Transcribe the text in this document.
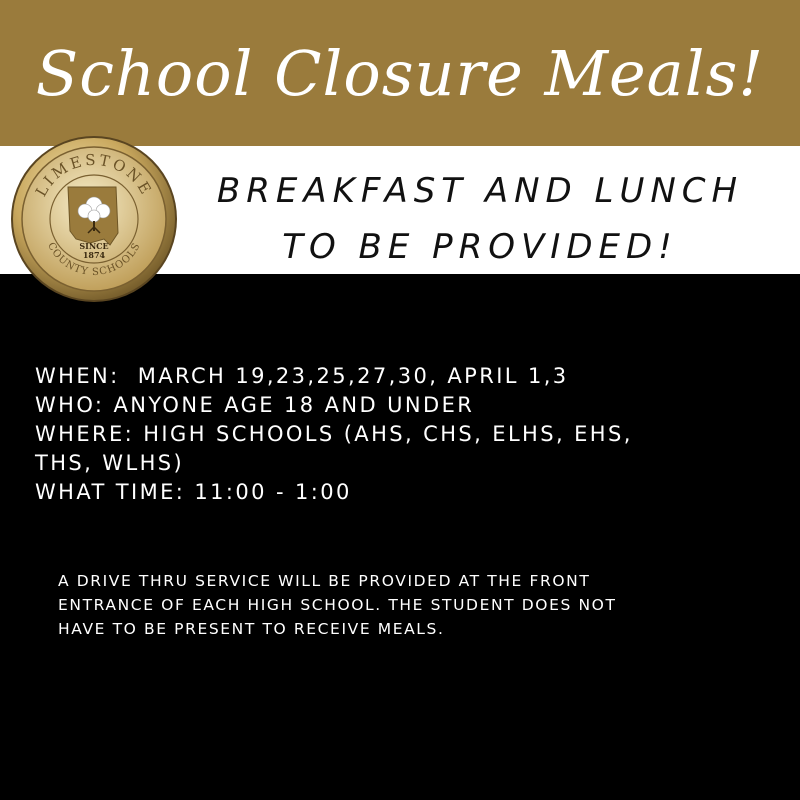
School Closure Meals!
BREAKFAST AND LUNCH
TO BE PROVIDED!
LIMESTONE
COUNTY SCHOOLS
SINCE
1874
WHEN:  MARCH 19,23,25,27,30, APRIL 1,3
WHO: ANYONE AGE 18 AND UNDER
WHERE: HIGH SCHOOLS (AHS, CHS, ELHS, EHS,
THS, WLHS)
WHAT TIME: 11:00 - 1:00
A DRIVE THRU SERVICE WILL BE PROVIDED AT THE FRONT
ENTRANCE OF EACH HIGH SCHOOL. THE STUDENT DOES NOT
HAVE TO BE PRESENT TO RECEIVE MEALS.
